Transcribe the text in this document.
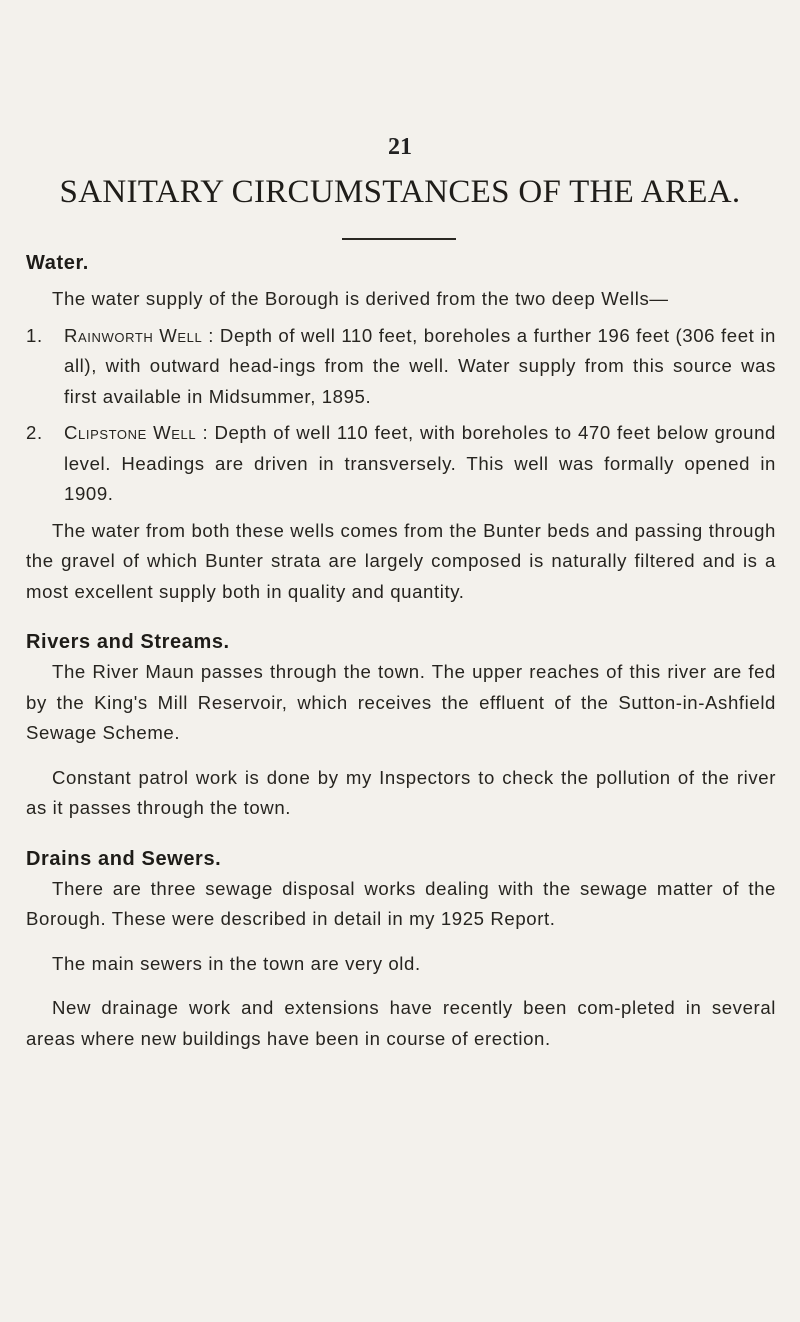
21
SANITARY CIRCUMSTANCES OF THE AREA.
Water.

The water supply of the Borough is derived from the two deep Wells—

1.	Rainworth Well : Depth of well 110 feet, boreholes a further 196 feet (306 feet in all), with outward head-ings from the well. Water supply from this source was first available in Midsummer, 1895.
2.	Clipstone Well : Depth of well 110 feet, with boreholes to 470 feet below ground level. Headings are driven in transversely. This well was formally opened in 1909.

The water from both these wells comes from the Bunter beds and passing through the gravel of which Bunter strata are largely composed is naturally filtered and is a most excellent supply both in quality and quantity.

Rivers and Streams.

The River Maun passes through the town. The upper reaches of this river are fed by the King's Mill Reservoir, which receives the effluent of the Sutton-in-Ashfield Sewage Scheme.

Constant patrol work is done by my Inspectors to check the pollution of the river as it passes through the town.

Drains and Sewers.

There are three sewage disposal works dealing with the sewage matter of the Borough. These were described in detail in my 1925 Report.

The main sewers in the town are very old.

New drainage work and extensions have recently been com-pleted in several areas where new buildings have been in course of erection.
